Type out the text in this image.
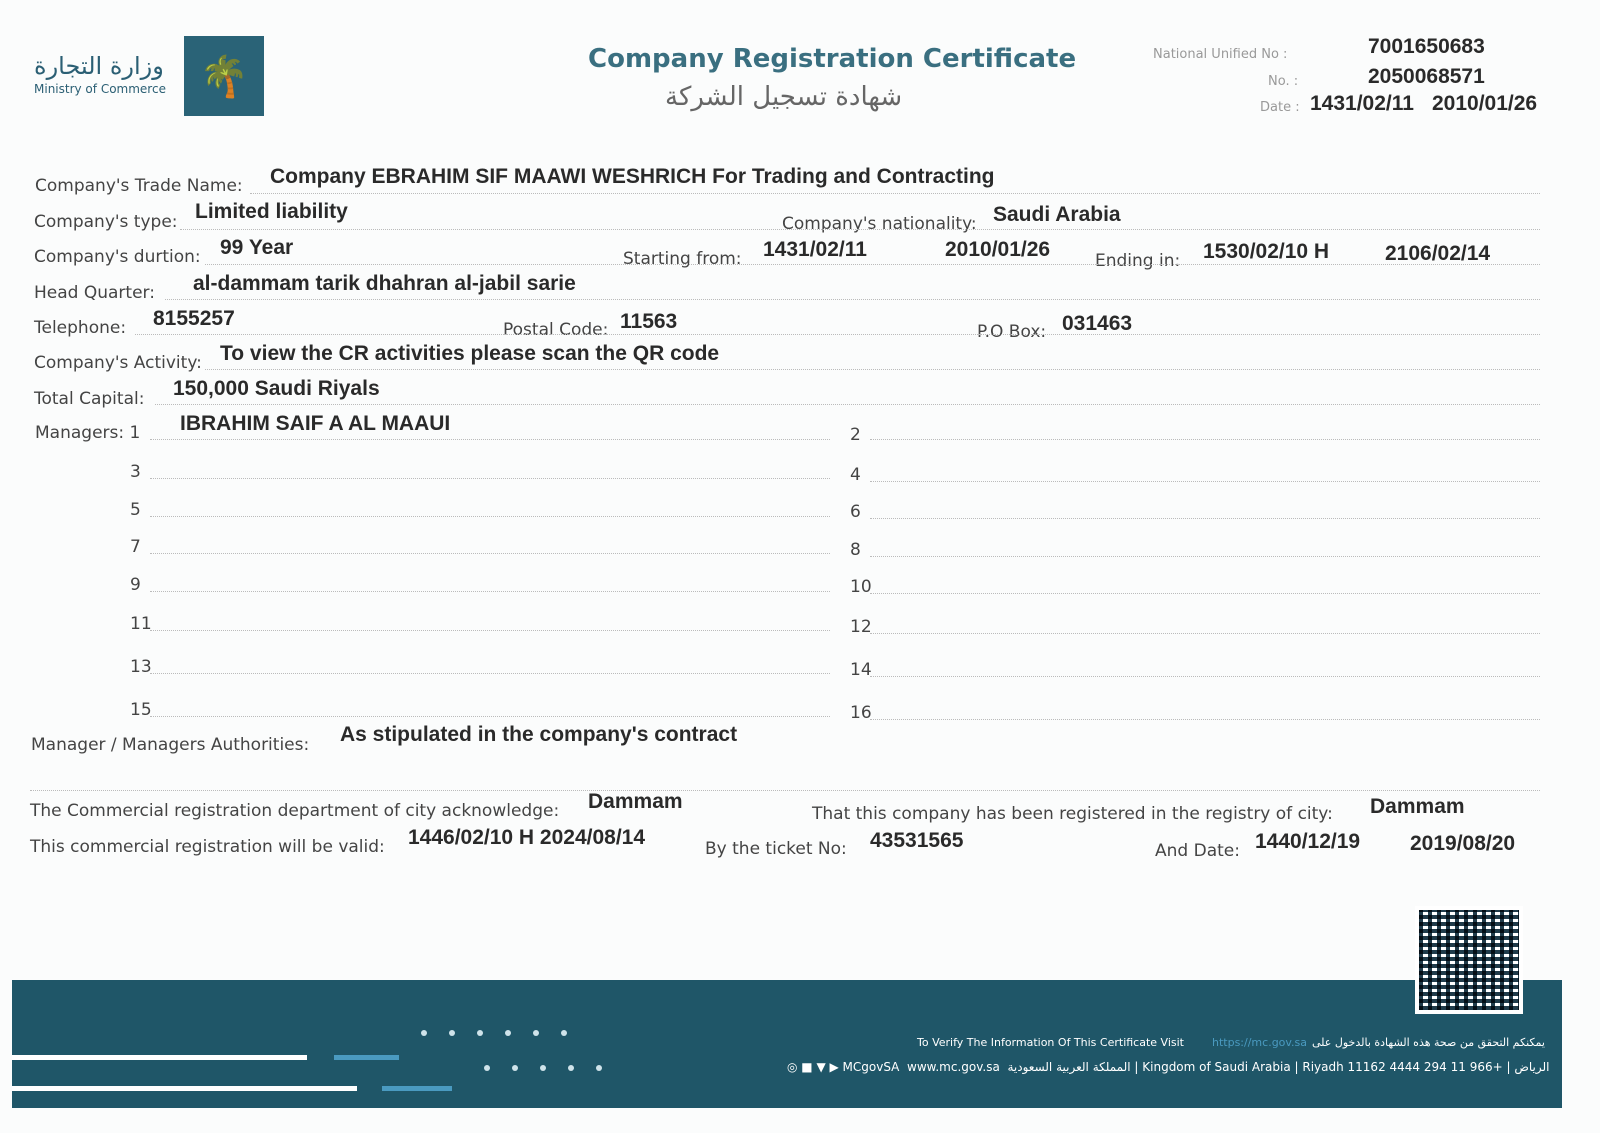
وزارة التجارة
Ministry of Commerce 🌴	Company Registration Certificate
شهادة تسجيل الشركة
National Unified No :	7001650683
No. :	2050068571
Date : 1431/02/11 2010/01/26
Company's Trade Name: Company EBRAHIM SIF MAAWI WESHRICH For Trading and Contracting
Company's type: Limited liability
Company's nationality: Saudi Arabia
Company's durtion: 99 Year	Starting from: 1431/02/11	2010/01/26	Ending in: 1530/02/10 H	2106/02/14
Head Quarter: al-dammam tarik dhahran al-jabil sarie
Telephone: 8155257	Postal Code: 11563	P.O Box: 031463
Company's Activity: To view the CR activities please scan the QR code
Total Capital: 150,000 Saudi Riyals
Managers: 1 IBRAHIM SAIF A AL MAAUI	2
3	4
5	6
7	8
9	10
11	12
13	14
15	16
Manager / Managers Authorities: As stipulated in the company's contract
The Commercial registration department of city acknowledge: Dammam
That this company has been registered in the registry of city: Dammam
This commercial registration will be valid: 1446/02/10 H 2024/08/14	By the ticket No: 43531565	And Date: 1440/12/19 2019/08/20
To Verify The Information Of This Certificate Visit	https://mc.gov.sa يمكنكم التحقق من صحة هذه الشهادة بالدخول على
◎ ■ ▼ ▶ MCgovSA www.mc.gov.sa المملكة العربية السعودية | Kingdom of Saudi Arabia | Riyadh 11162	الرياض | +966 11 294 4444
